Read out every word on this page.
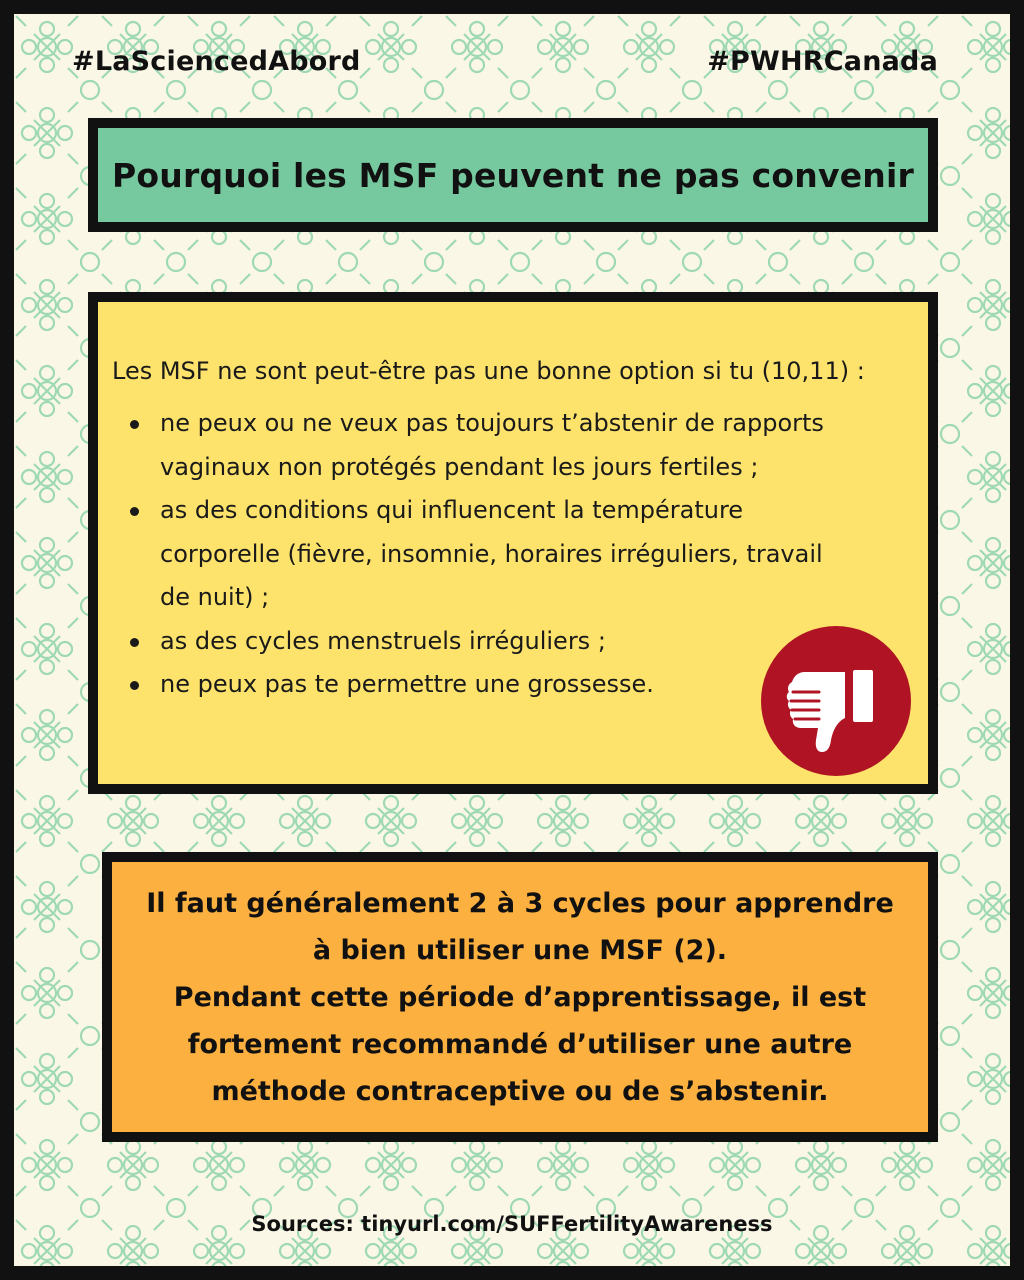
#LaSciencedAbord	#PWHRCanada
Pourquoi les MSF peuvent ne pas convenir

Les MSF ne sont peut-être pas une bonne option si tu (10,11) :

ne peux ou ne veux pas toujours t’abstenir de rapports vaginaux non protégés pendant les jours fertiles ;
as des conditions qui influencent la température corporelle (fièvre, insomnie, horaires irréguliers, travail de nuit) ;
as des cycles menstruels irréguliers ;
ne peux pas te permettre une grossesse.

Il faut généralement 2 à 3 cycles pour apprendre
à bien utiliser une MSF (2).
Pendant cette période d’apprentissage, il est
fortement recommandé d’utiliser une autre
méthode contraceptive ou de s’abstenir.

Sources: tinyurl.com/SUFFertilityAwareness
